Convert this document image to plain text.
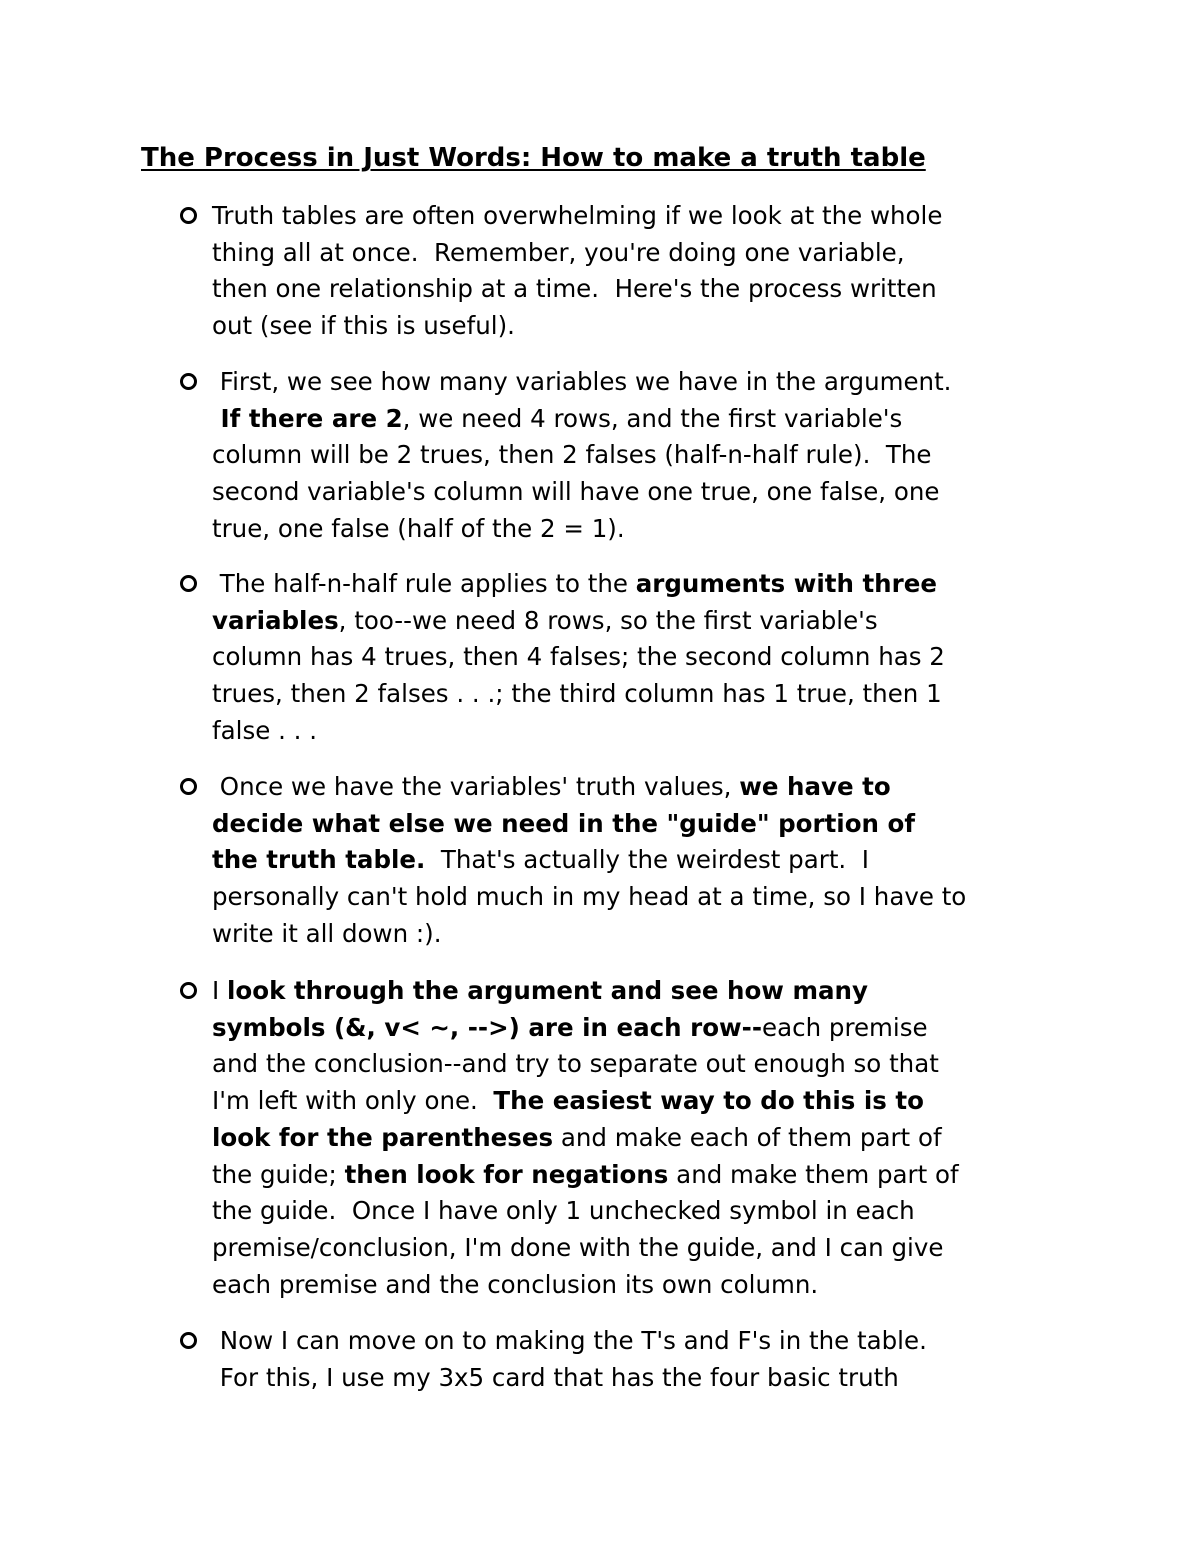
The Process in Just Words: How to make a truth table

Truth tables are often overwhelming if we look at the whole
thing all at once.  Remember, you're doing one variable,
then one relationship at a time.  Here's the process written
out (see if this is useful).

First, we see how many variables we have in the argument.
If there are 2, we need 4 rows, and the first variable's
column will be 2 trues, then 2 falses (half-n-half rule).  The
second variable's column will have one true, one false, one
true, one false (half of the 2 = 1).

The half-n-half rule applies to the arguments with three
variables, too--we need 8 rows, so the first variable's
column has 4 trues, then 4 falses; the second column has 2
trues, then 2 falses . . .; the third column has 1 true, then 1
false . . .

Once we have the variables' truth values, we have to
decide what else we need in the "guide" portion of
the truth table.  That's actually the weirdest part.  I
personally can't hold much in my head at a time, so I have to
write it all down :).

I look through the argument and see how many
symbols (&, v< ~, -->) are in each row--each premise
and the conclusion--and try to separate out enough so that
I'm left with only one.  The easiest way to do this is to
look for the parentheses and make each of them part of
the guide; then look for negations and make them part of
the guide.  Once I have only 1 unchecked symbol in each
premise/conclusion, I'm done with the guide, and I can give
each premise and the conclusion its own column.

Now I can move on to making the T's and F's in the table.
For this, I use my 3x5 card that has the four basic truth
